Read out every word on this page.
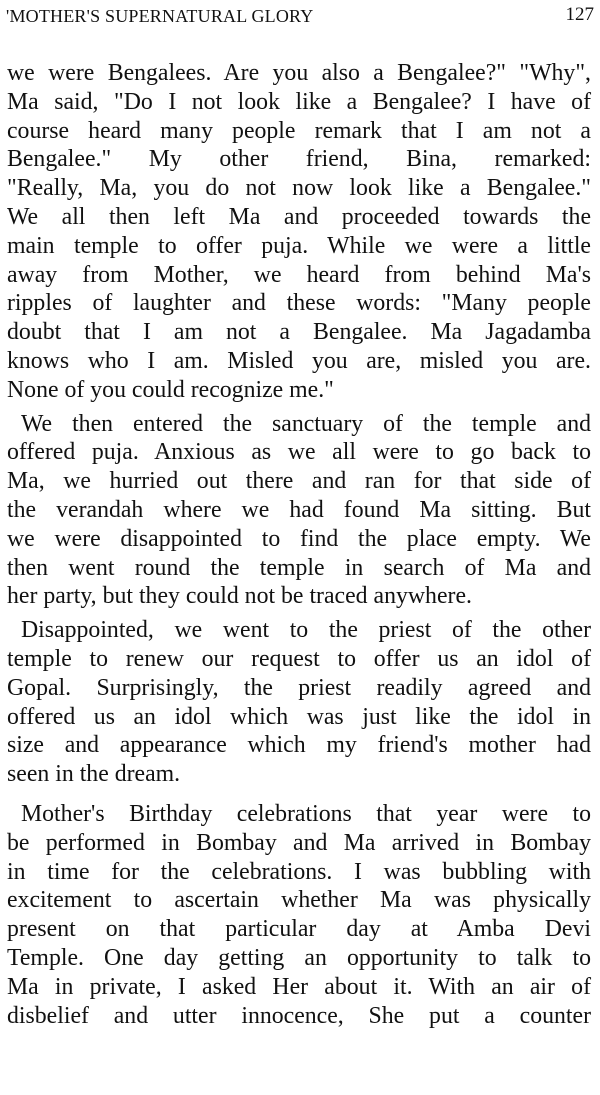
'MOTHER'S SUPERNATURAL GLORY	127
we were Bengalees. Are you also a Bengalee?" "Why",
Ma said, "Do I not look like a Bengalee? I have of
course heard many people remark that I am not a
Bengalee." My other friend, Bina, remarked:
"Really, Ma, you do not now look like a Bengalee."
We all then left Ma and proceeded towards the
main temple to offer puja. While we were a little
away from Mother, we heard from behind Ma's
ripples of laughter and these words: "Many people
doubt that I am not a Bengalee. Ma Jagadamba
knows who I am. Misled you are, misled you are.
None of you could recognize me."
We then entered the sanctuary of the temple and
offered puja. Anxious as we all were to go back to
Ma, we hurried out there and ran for that side of
the verandah where we had found Ma sitting. But
we were disappointed to find the place empty. We
then went round the temple in search of Ma and
her party, but they could not be traced anywhere.
Disappointed, we went to the priest of the other
temple to renew our request to offer us an idol of
Gopal. Surprisingly, the priest readily agreed and
offered us an idol which was just like the idol in
size and appearance which my friend's mother had
seen in the dream.
Mother's Birthday celebrations that year were to
be performed in Bombay and Ma arrived in Bombay
in time for the celebrations. I was bubbling with
excitement to ascertain whether Ma was physically
present on that particular day at Amba Devi
Temple. One day getting an opportunity to talk to
Ma in private, I asked Her about it. With an air of
disbelief and utter innocence, She put a counter
